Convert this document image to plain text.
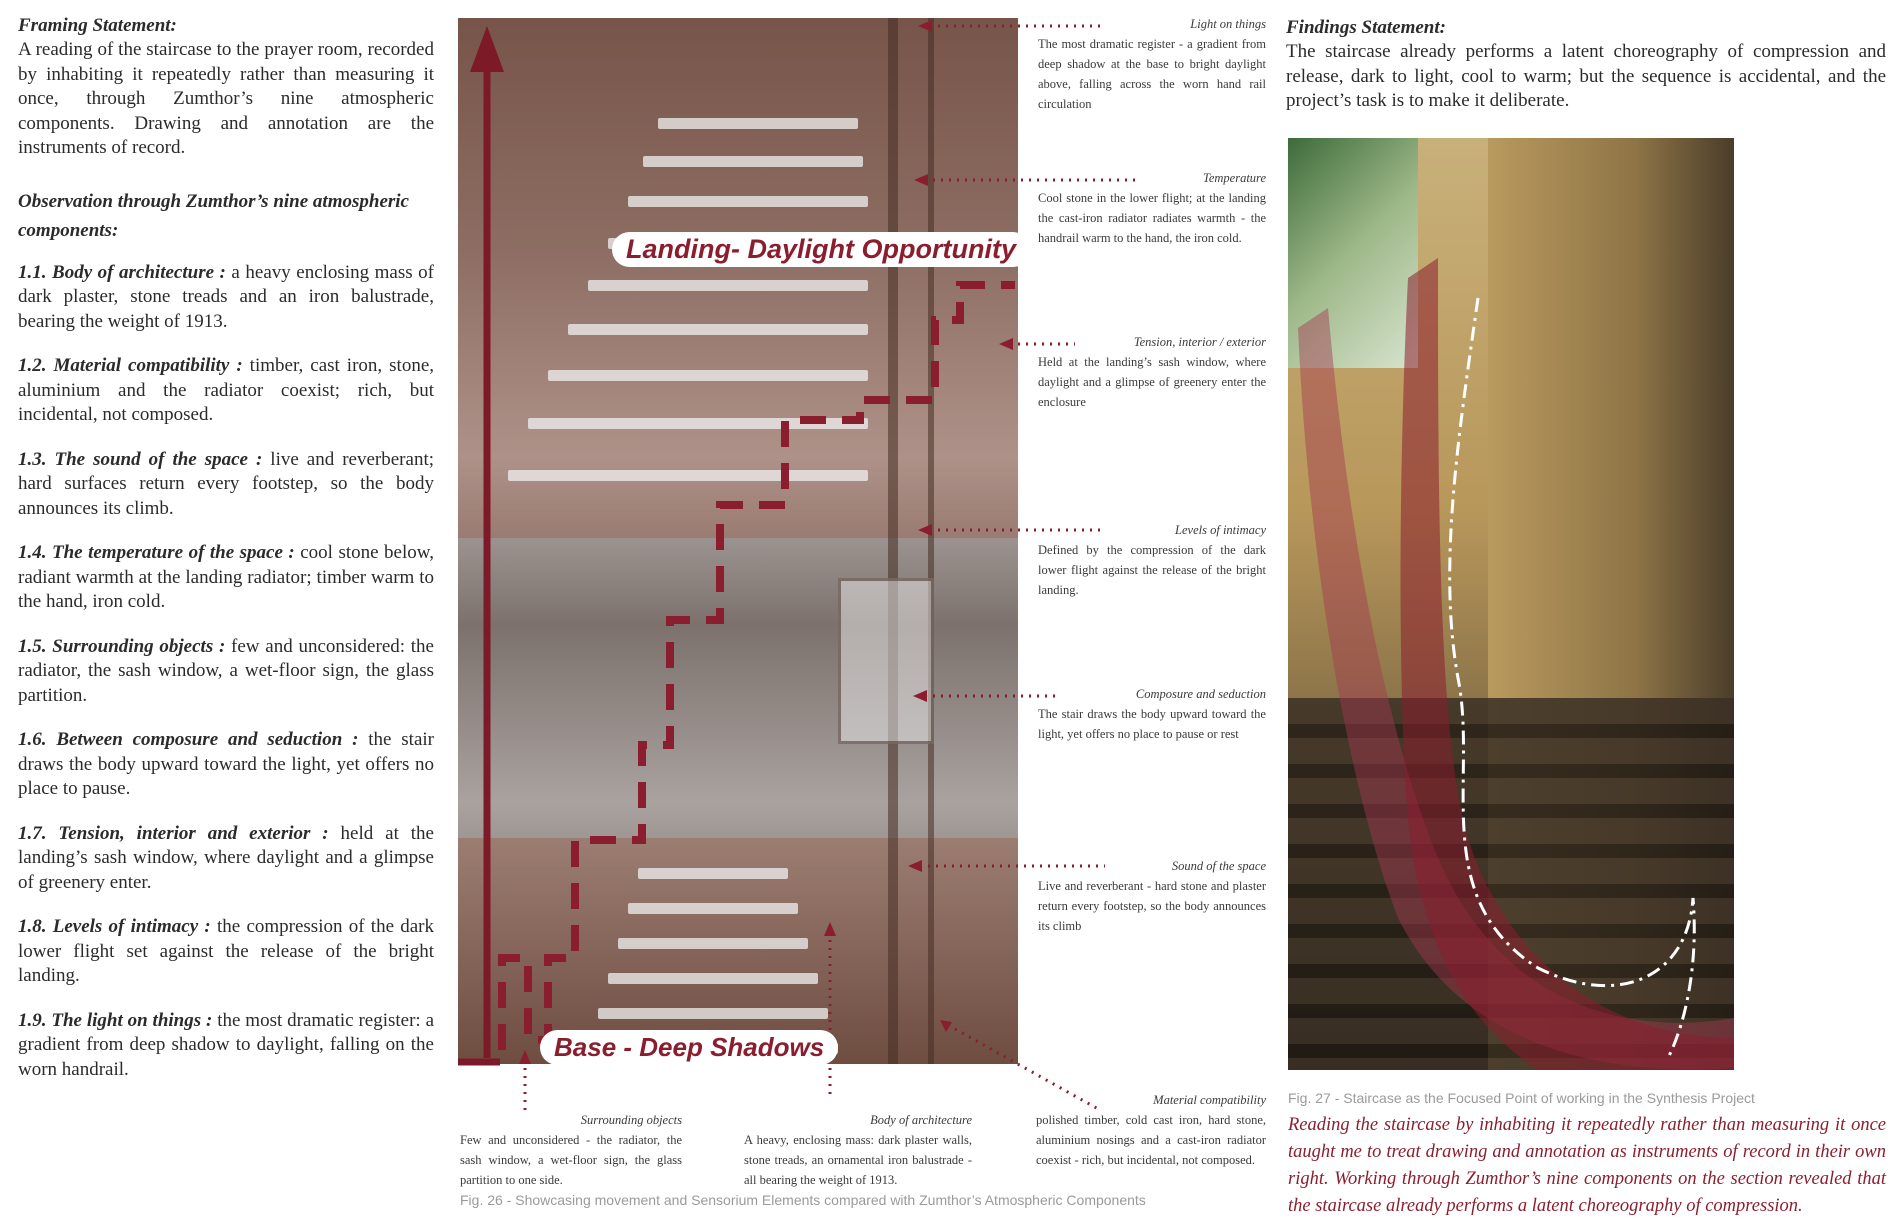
Framing Statement:
A reading of the staircase to the prayer room, recorded by inhabiting it repeatedly rather than measuring it once, through Zumthor’s nine atmospheric components. Drawing and annotation are the instruments of record.
Observation through Zumthor’s nine atmospheric components:
1.1. Body of architecture : a heavy enclosing mass of dark plaster, stone treads and an iron balustrade, bearing the weight of 1913.
1.2. Material compatibility : timber, cast iron, stone, aluminium and the radiator coexist; rich, but incidental, not composed.
1.3. The sound of the space : live and reverberant; hard surfaces return every footstep, so the body announces its climb.
1.4. The temperature of the space : cool stone below, radiant warmth at the landing radiator; timber warm to the hand, iron cold.
1.5. Surrounding objects : few and unconsidered: the radiator, the sash window, a wet-floor sign, the glass partition.
1.6. Between composure and seduction : the stair draws the body upward toward the light, yet offers no place to pause.
1.7. Tension, interior and exterior : held at the landing’s sash window, where daylight and a glimpse of greenery enter.
1.8. Levels of intimacy : the compression of the dark lower flight set against the release of the bright landing.
1.9. The light on things : the most dramatic register: a gradient from deep shadow to daylight, falling on the worn handrail.
Landing- Daylight Opportunity
Base - Deep Shadows
Light on things
The most dramatic register - a gradient from deep shadow at the base to bright daylight above, falling across the worn hand rail circulation
Temperature
Cool stone in the lower flight; at the landing the cast-iron radiator radiates warmth - the handrail warm to the hand, the iron cold.
Tension, interior / exterior
Held at the landing’s sash window, where daylight and a glimpse of greenery enter the enclosure
Levels of intimacy
Defined by the compression of the dark lower flight against the release of the bright landing.
Composure and seduction
The stair draws the body upward toward the light, yet offers no place to pause or rest
Sound of the space
Live and reverberant - hard stone and plaster return every footstep, so the body announces its climb
Surrounding objects
Few and unconsidered - the radiator, the sash window, a wet-floor sign, the glass partition to one side.
Body of architecture
A heavy, enclosing mass: dark plaster walls, stone treads, an ornamental iron balustrade - all bearing the weight of 1913.
Material compatibility
polished timber, cold cast iron, hard stone, aluminium nosings and a cast-iron radiator coexist - rich, but incidental, not composed.
Fig. 26 - Showcasing movement and Sensorium Elements compared with Zumthor’s Atmospheric Components
Findings Statement:
The staircase already performs a latent choreography of compression and release, dark to light, cool to warm; but the sequence is accidental, and the project’s task is to make it deliberate.
Fig. 27 - Staircase as the Focused Point of working in the Synthesis Project
Reading the staircase by inhabiting it repeatedly rather than measuring it once taught me to treat drawing and annotation as instruments of record in their own right. Working through Zumthor’s nine components on the section revealed that the staircase already performs a latent choreography of compression.
